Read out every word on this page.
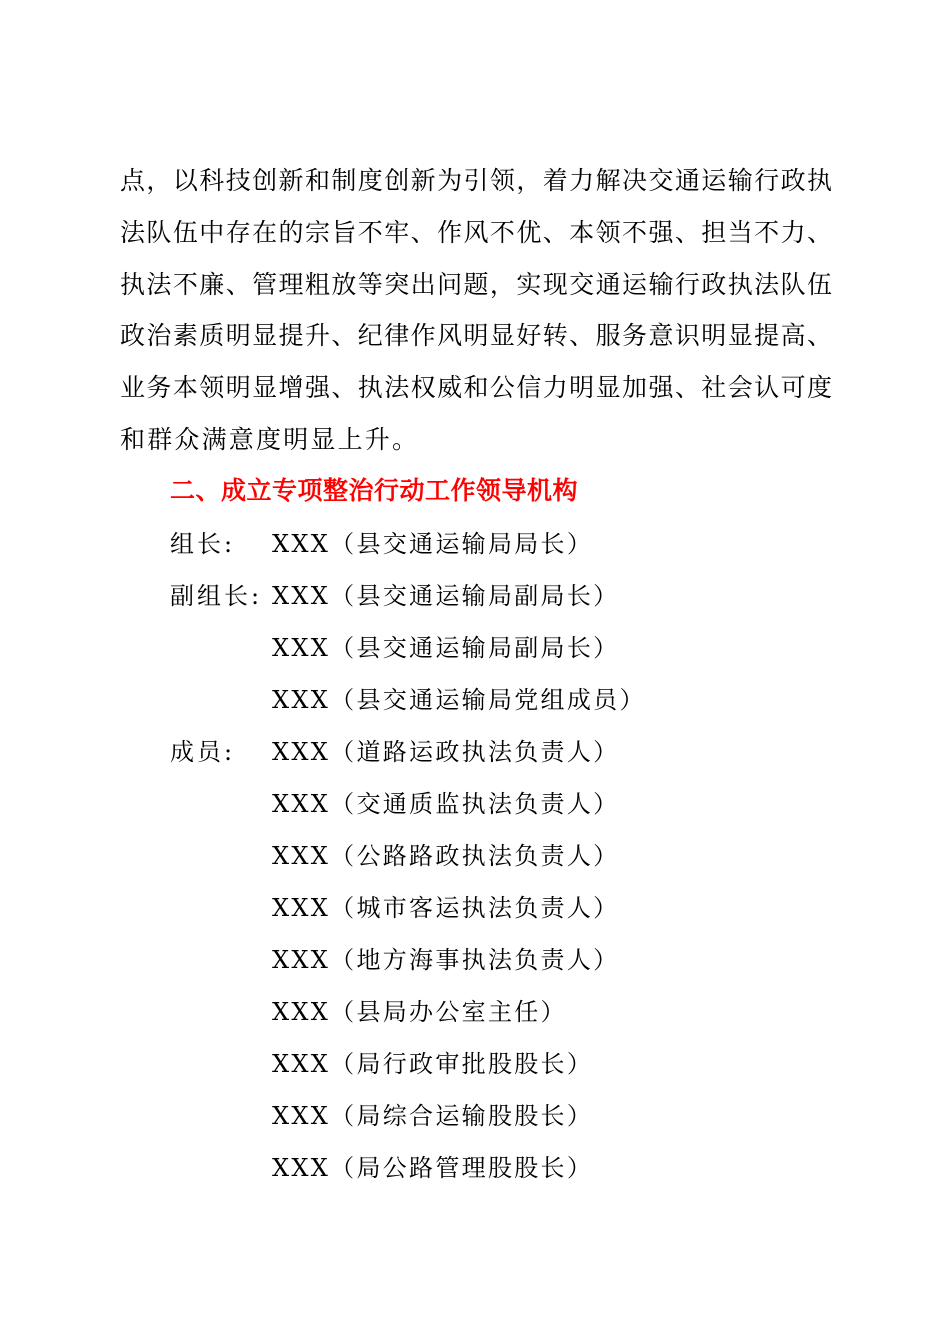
点，以科技创新和制度创新为引领，着力解决交通运输行政执
法队伍中存在的宗旨不牢、作风不优、本领不强、担当不力、
执法不廉、管理粗放等突出问题，实现交通运输行政执法队伍
政治素质明显提升、纪律作风明显好转、服务意识明显提高、
业务本领明显增强、执法权威和公信力明显加强、社会认可度
和群众满意度明显上升。
二、成立专项整治行动工作领导机构
组长: XXX（县交通运输局局长）
副组长: XXX（县交通运输局副局长）
XXX（县交通运输局副局长）
XXX（县交通运输局党组成员）
成员: XXX（道路运政执法负责人）
XXX（交通质监执法负责人）
XXX（公路路政执法负责人）
XXX（城市客运执法负责人）
XXX（地方海事执法负责人）
XXX（县局办公室主任）
XXX（局行政审批股股长）
XXX（局综合运输股股长）
XXX（局公路管理股股长）
